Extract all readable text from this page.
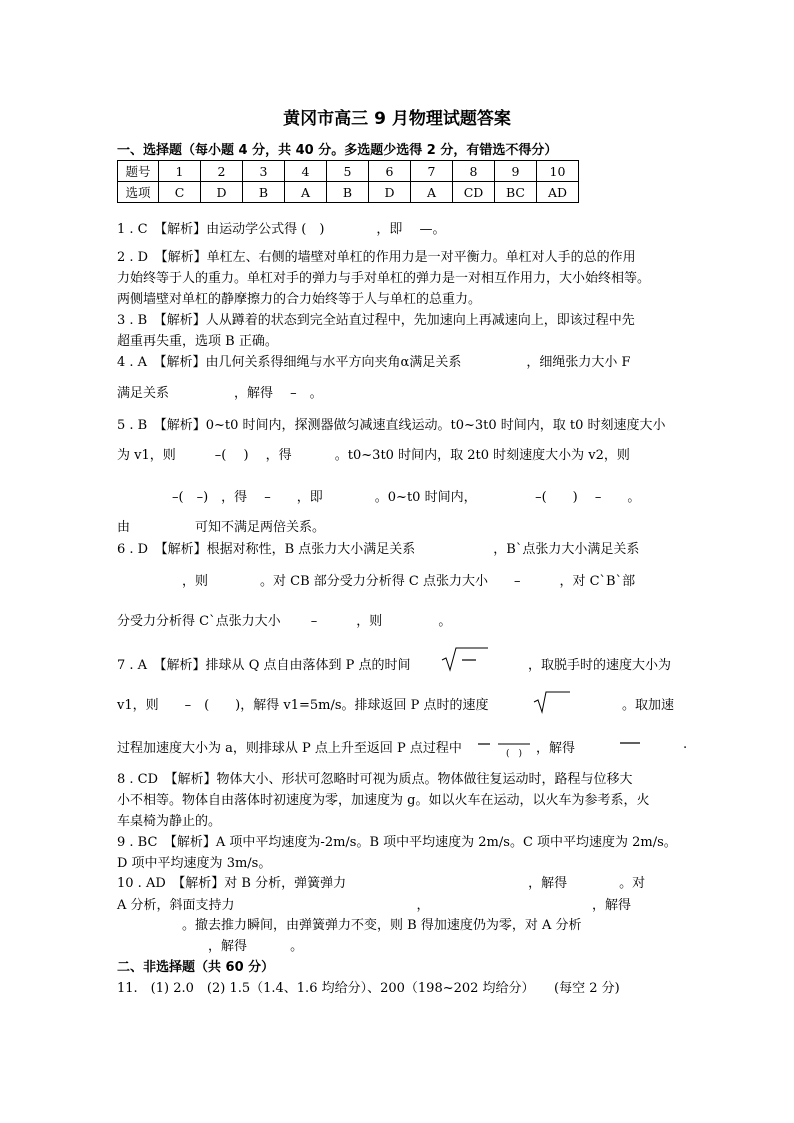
黄冈市高三 9 月物理试题答案
一、选择题（每小题 4 分，共 40 分。多选题少选得 2 分，有错选不得分）
题号	1	2	3	4	5	6	7	8	9	10
选项	C	D	B	A	B	D	A	CD	BC	AD
1 . C　【解析】由运动学公式得 (　)　　　　，即　 —。
2 . D　【解析】单杠左、右侧的墙壁对单杠的作用力是一对平衡力。单杠对人手的总的作用
力始终等于人的重力。单杠对手的弹力与手对单杠的弹力是一对相互作用力，大小始终相等。
两侧墙壁对单杠的静摩擦力的合力始终等于人与单杠的总重力。
3 . B　【解析】人从蹲着的状态到完全站直过程中，先加速向上再减速向上，即该过程中先
超重再失重，选项 B 正确。
4 . A　【解析】由几何关系得细绳与水平方向夹角α满足关系　　　　　，细绳张力大小 F
满足关系　　　　　，解得　 –　。
5 . B　【解析】0~t0 时间内，探测器做匀减速直线运动。t0~3t0 时间内，取 t0 时刻速度大小
为 v1，则　　　–(　 )　 ，得　　　 。t0~3t0 时间内，取 2t0 时刻速度大小为 v2，则
–(　–)　，得　 –　　，即　　　　。0~t0 时间内，　　　　　–(　　)　 –　　。
由　　　　　可知不满足两倍关系。
6 . D　【解析】根据对称性，B 点张力大小满足关系　　　　　　，B`点张力大小满足关系
　　　　　，则　　　　。对 CB 部分受力分析得 C 点张力大小　　–　　　，对 C`B`部
分受力分析得 C`点张力大小　　 –　　　，则　　　　 。
7 . A　【解析】排球从 Q 点自由落体到 P 点的时间	，取脱手时的速度大小为
v1，则　　–　(　　)，解得 v1=5m/s。排球返回 P 点时的速度	。取加速
过程加速度大小为 a，则排球从 P 点上升至返回 P 点过程中	(　) ，解得	.
8 . CD　【解析】物体大小、形状可忽略时可视为质点。物体做往复运动时，路程与位移大
小不相等。物体自由落体时初速度为零，加速度为 g。如以火车在运动，以火车为参考系，火
车桌椅为静止的。
9 . BC　【解析】A 项中平均速度为-2m/s。B 项中平均速度为 2m/s。C 项中平均速度为 2m/s。
D 项中平均速度为 3m/s。
10 . AD　【解析】对 B 分析，弹簧弹力　　　　　　　　　　　　　　，解得　　　　。对
A 分析，斜面支持力　　　　　　　　　　　　　　，　　　　　　　　　　　　　，解得
　　　　　。撤去推力瞬间，由弹簧弹力不变，则 B 得加速度仍为零，对 A 分析
　　　　　　　，解得　　　 。
二、非选择题（共 60 分）
11.　(1) 2.0　(2) 1.5（1.4、1.6 均给分）、200（198~202 均给分）　　(每空 2 分)
